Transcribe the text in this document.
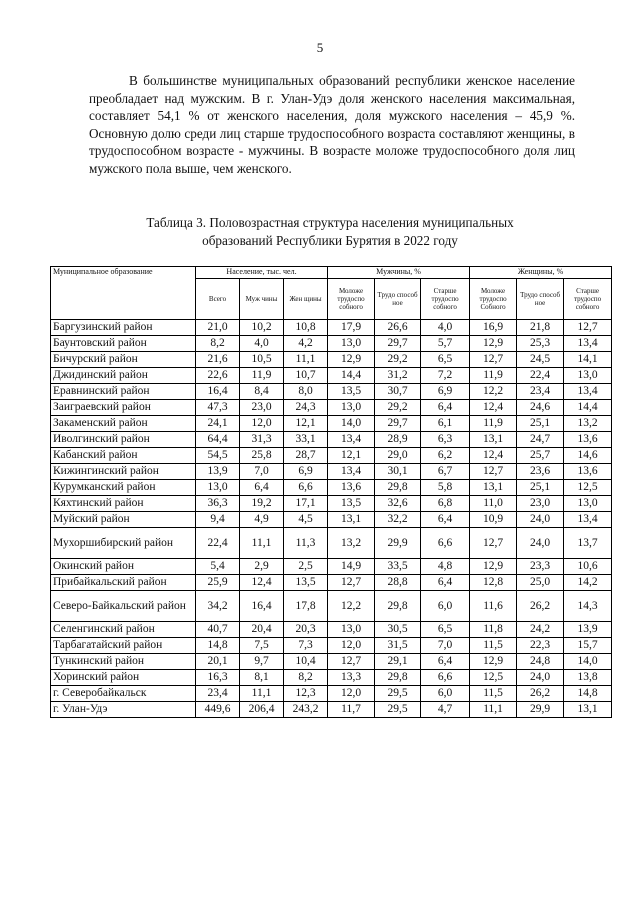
5

В большинстве муниципальных образований республики женское население преобладает над мужским. В г. Улан-Удэ доля женского населения максимальная, составляет 54,1 % от женского населения, доля мужского населения – 45,9 %. Основную долю среди лиц старше трудоспособного возраста составляют женщины, в трудоспособном возрасте - мужчины. В возрасте моложе трудоспособного доля лиц мужского пола выше, чем женского.

Таблица 3. Половозрастная структура населения муниципальных
образований Республики Бурятия в 2022 году

Муниципальное образование	Население, тыс. чел.			Мужчины, %			Женщины, %		
	Всего	Муж чины	Жен щины	Моложе трудоспо собного	Трудо способ ное	Старше трудоспо собного	Моложе трудоспо Собного	Трудо способ ное	Старше трудоспо собного
Баргузинский район	21,0	10,2	10,8	17,9	26,6	4,0	16,9	21,8	12,7
Баунтовский район	8,2	4,0	4,2	13,0	29,7	5,7	12,9	25,3	13,4
Бичурский район	21,6	10,5	11,1	12,9	29,2	6,5	12,7	24,5	14,1
Джидинский район	22,6	11,9	10,7	14,4	31,2	7,2	11,9	22,4	13,0
Еравнинский район	16,4	8,4	8,0	13,5	30,7	6,9	12,2	23,4	13,4
Заиграевский район	47,3	23,0	24,3	13,0	29,2	6,4	12,4	24,6	14,4
Закаменский район	24,1	12,0	12,1	14,0	29,7	6,1	11,9	25,1	13,2
Иволгинский район	64,4	31,3	33,1	13,4	28,9	6,3	13,1	24,7	13,6
Кабанский район	54,5	25,8	28,7	12,1	29,0	6,2	12,4	25,7	14,6
Кижингинский район	13,9	7,0	6,9	13,4	30,1	6,7	12,7	23,6	13,6
Курумканский район	13,0	6,4	6,6	13,6	29,8	5,8	13,1	25,1	12,5
Кяхтинский район	36,3	19,2	17,1	13,5	32,6	6,8	11,0	23,0	13,0
Муйский район	9,4	4,9	4,5	13,1	32,2	6,4	10,9	24,0	13,4
Мухоршибирский район	22,4	11,1	11,3	13,2	29,9	6,6	12,7	24,0	13,7
Окинский район	5,4	2,9	2,5	14,9	33,5	4,8	12,9	23,3	10,6
Прибайкальский район	25,9	12,4	13,5	12,7	28,8	6,4	12,8	25,0	14,2
Северо-Байкальский район	34,2	16,4	17,8	12,2	29,8	6,0	11,6	26,2	14,3
Селенгинский район	40,7	20,4	20,3	13,0	30,5	6,5	11,8	24,2	13,9
Тарбагатайский район	14,8	7,5	7,3	12,0	31,5	7,0	11,5	22,3	15,7
Тункинский район	20,1	9,7	10,4	12,7	29,1	6,4	12,9	24,8	14,0
Хоринский район	16,3	8,1	8,2	13,3	29,8	6,6	12,5	24,0	13,8
г. Северобайкальск	23,4	11,1	12,3	12,0	29,5	6,0	11,5	26,2	14,8
г. Улан-Удэ	449,6	206,4	243,2	11,7	29,5	4,7	11,1	29,9	13,1
